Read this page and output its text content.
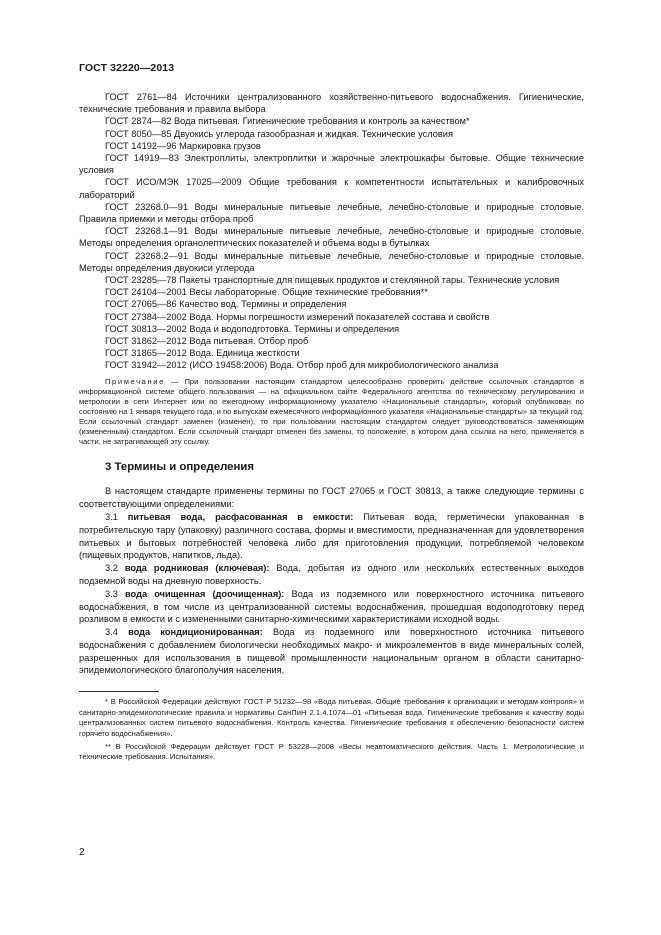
ГОСТ 32220—2013

ГОСТ 2761—84 Источники централизованного хозяйственно-питьевого водоснабжения. Гигиенические, технические требования и правила выбора

ГОСТ 2874—82 Вода питьевая. Гигиенические требования и контроль за качеством*

ГОСТ 8050—85 Двуокись углерода газообразная и жидкая. Технические условия

ГОСТ 14192—96 Маркировка грузов

ГОСТ 14919—83 Электроплиты, электроплитки и жарочные электрошкафы бытовые. Общие технические условия

ГОСТ ИСО/МЭК 17025—2009 Общие требования к компетентности испытательных и калибровочных лабораторий

ГОСТ 23268.0—91 Воды минеральные питьевые лечебные, лечебно-столовые и природные столовые. Правила приемки и методы отбора проб

ГОСТ 23268.1—91 Воды минеральные питьевые лечебные, лечебно-столовые и природные столовые. Методы определения органолептических показателей и объема воды в бутылках

ГОСТ 23268.2—91 Воды минеральные питьевые лечебные, лечебно-столовые и природные столовые. Методы определения двуокиси углерода

ГОСТ 23285—78 Пакеты транспортные для пищевых продуктов и стеклянной тары. Технические условия

ГОСТ 24104—2001 Весы лабораторные. Общие технические требования**

ГОСТ 27065—86 Качество вод. Термины и определения

ГОСТ 27384—2002 Вода. Нормы погрешности измерений показателей состава и свойств

ГОСТ 30813—2002 Вода и водоподготовка. Термины и определения

ГОСТ 31862—2012 Вода питьевая. Отбор проб

ГОСТ 31865—2012 Вода. Единица жесткости

ГОСТ 31942—2012 (ИСО 19458:2006) Вода. Отбор проб для микробиологического анализа

Примечание — При пользовании настоящим стандартом целесообразно проверить действие ссылочных стандартов в информационной системе общего пользования — на официальном сайте Федерального агентства по техническому регулированию и метрологии в сети Интернет или по ежегодному информационному указателю «Национальные стандарты», который опубликован по состоянию на 1 января текущего года, и по выпускам ежемесячного информационного указателя «Национальные стандарты» за текущий год. Если ссылочный стандарт заменен (изменен), то при пользовании настоящим стандартом следует руководствоваться заменяющим (измененным) стандартом. Если ссылочный стандарт отменен без замены, то положение, в котором дана ссылка на него, применяется в части, не затрагивающей эту ссылку.

3 Термины и определения

В настоящем стандарте применены термины по ГОСТ 27065 и ГОСТ 30813, а также следующие термины с соответствующими определениями:

3.1 питьевая вода, расфасованная в емкости: Питьевая вода, герметически упакованная в потребительскую тару (упаковку) различного состава, формы и вместимости, предназначенная для удовлетворения питьевых и бытовых потребностей человека либо для приготовления продукции, потребляемой человеком (пищевых продуктов, напитков, льда).

3.2 вода родниковая (ключевая): Вода, добытая из одного или нескольких естественных выходов подземной воды на дневную поверхность.

3.3 вода очищенная (доочищенная): Вода из подземного или поверхностного источника питьевого водоснабжения, в том числе из централизованной системы водоснабжения, прошедшая водоподготовку перед розливом в емкости и с измененными санитарно-химическими характеристиками исходной воды.

3.4 вода кондиционированная: Вода из подземного или поверхностного источника питьевого водоснабжения с добавлением биологически необходимых макро- и микроэлементов в виде минеральных солей, разрешенных для использования в пищевой промышленности национальным органом в области санитарно-эпидемиологического благополучия населения.

* В Российской Федерации действуют ГОСТ Р 51232—98 «Вода питьевая. Общие требования к организации и методам контроля» и санитарно-эпидемиологические правила и нормативы СанПиН 2.1.4.1074—01 «Питьевая вода. Гигиенические требования к качеству воды централизованных систем питьевого водоснабжения. Контроль качества. Гигиенические требования к обеспечению безопасности систем горячего водоснабжения».

** В Российской Федерации действует ГОСТ Р 53228—2008 «Весы неавтоматического действия. Часть 1. Метрологические и технические требования. Испытания».

2
